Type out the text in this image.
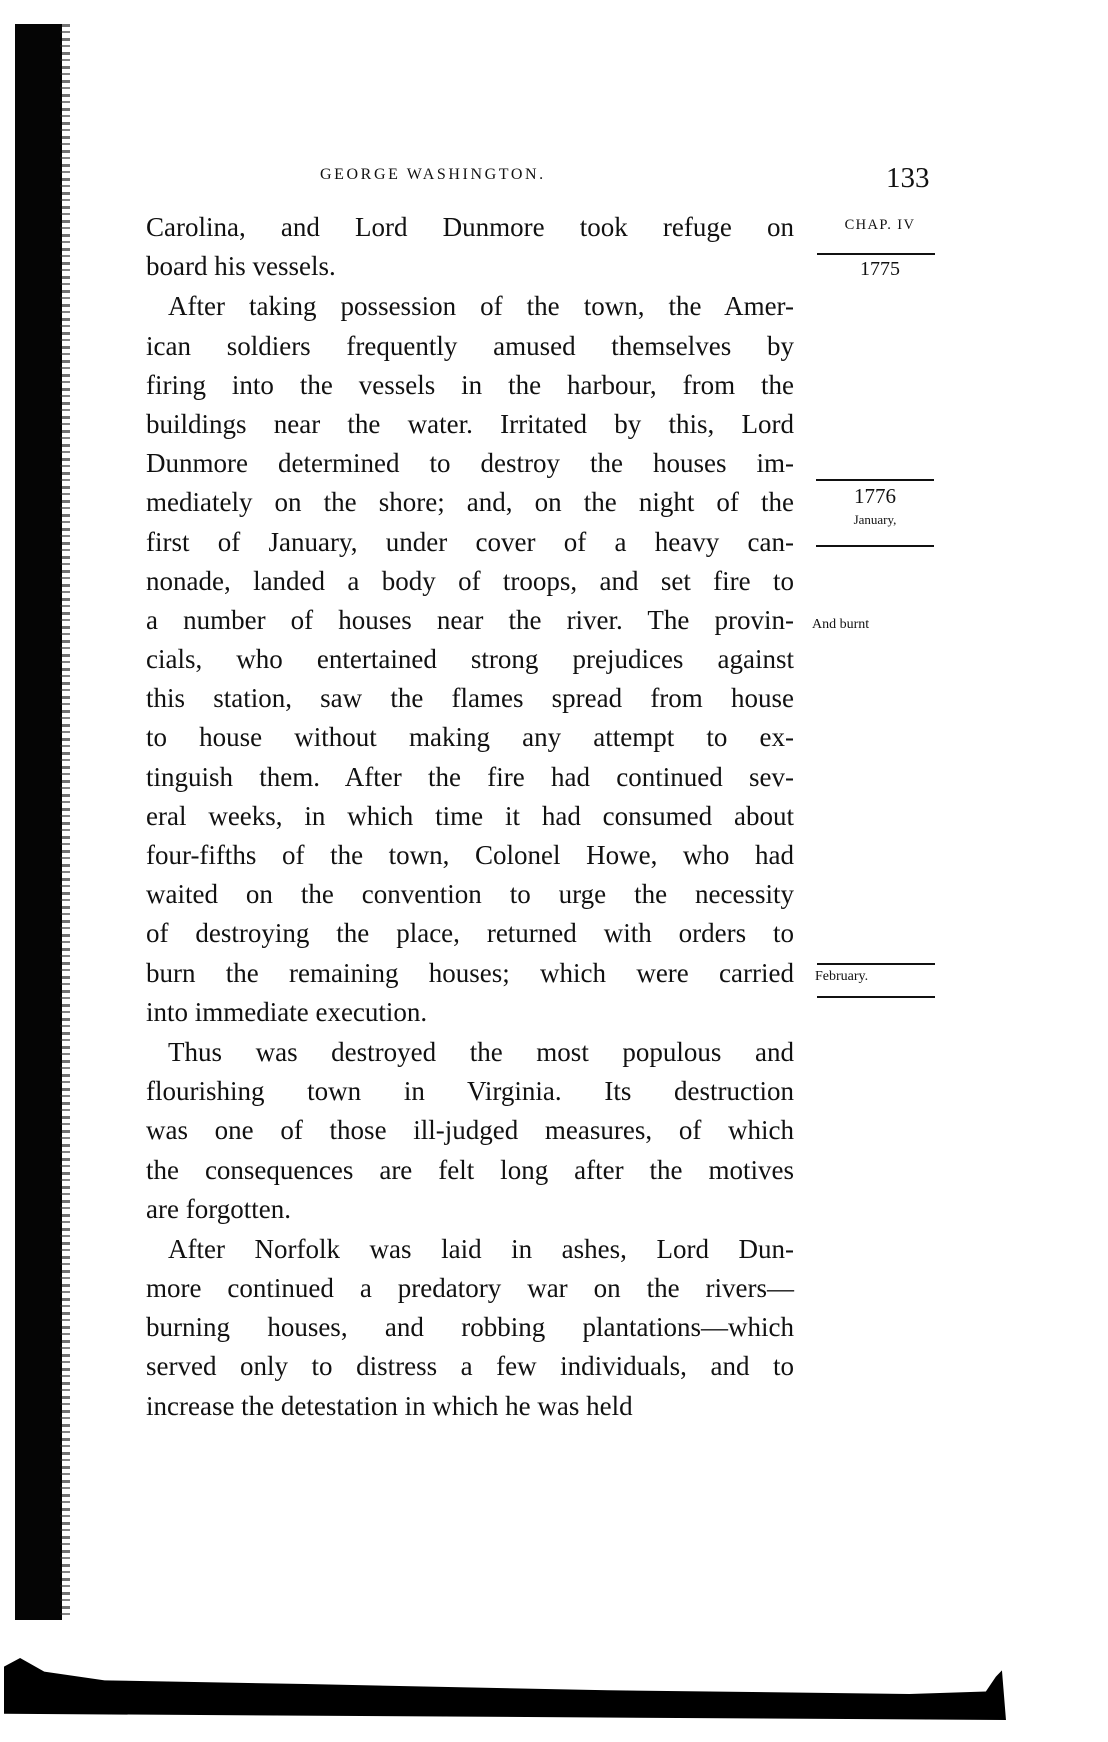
GEORGE WASHINGTON.	133
CHAP. IV
1775
1776
January,
And burnt
February.
Carolina, and Lord Dunmore took refuge on
board his vessels.
After taking possession of the town, the Amer-
ican soldiers frequently amused themselves by
firing into the vessels in the harbour, from the
buildings near the water. Irritated by this, Lord
Dunmore determined to destroy the houses im-
mediately on the shore; and, on the night of the
first of January, under cover of a heavy can-
nonade, landed a body of troops, and set fire to
a number of houses near the river. The provin-
cials, who entertained strong prejudices against
this station, saw the flames spread from house
to house without making any attempt to ex-
tinguish them. After the fire had continued sev-
eral weeks, in which time it had consumed about
four-fifths of the town, Colonel Howe, who had
waited on the convention to urge the necessity
of destroying the place, returned with orders to
burn the remaining houses; which were carried
into immediate execution.
Thus was destroyed the most populous and
flourishing town in Virginia. Its destruction
was one of those ill-judged measures, of which
the consequences are felt long after the motives
are forgotten.
After Norfolk was laid in ashes, Lord Dun-
more continued a predatory war on the rivers—
burning houses, and robbing plantations—which
served only to distress a few individuals, and to
increase the detestation in which he was held
